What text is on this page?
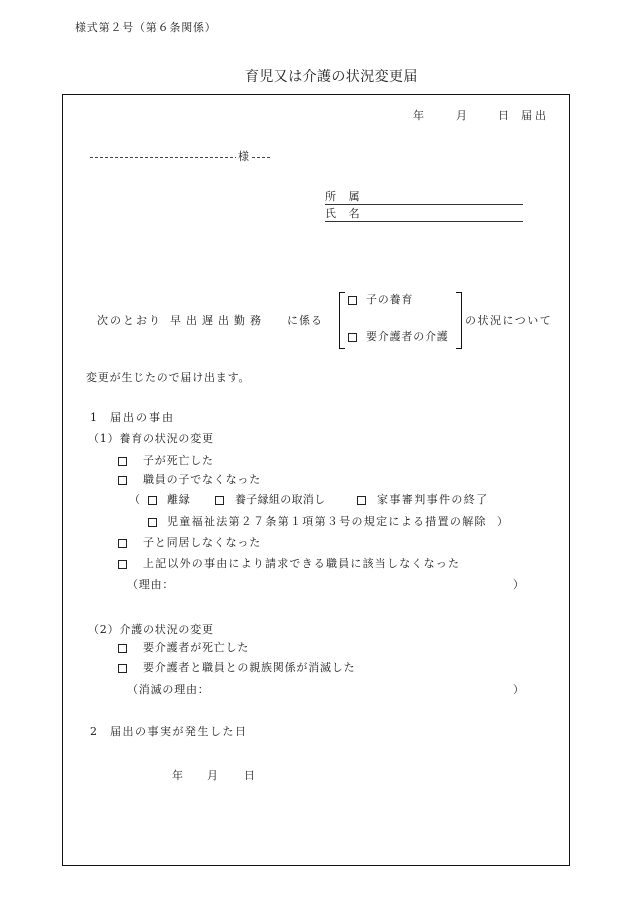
様式第２号（第６条関係）
育児又は介護の状況変更届
年	月	日 届出
様
所　属
氏　名
次のとおり 早出遅出勤務 に係る
子の養育
要介護者の介護
の状況について
変更が生じたので届け出ます。
1 届出の事由
（1）養育の状況の変更
子が死亡した
職員の子でなくなった
（ 離縁	養子縁組の取消し	家事審判事件の終了
児童福祉法第２７条第１項第３号の規定による措置の解除 ）
子と同居しなくなった
上記以外の事由により請求できる職員に該当しなくなった
（理由：	）
（2）介護の状況の変更
要介護者が死亡した
要介護者と職員との親族関係が消滅した
（消滅の理由：	）
2 届出の事実が発生した日
年 月 日
